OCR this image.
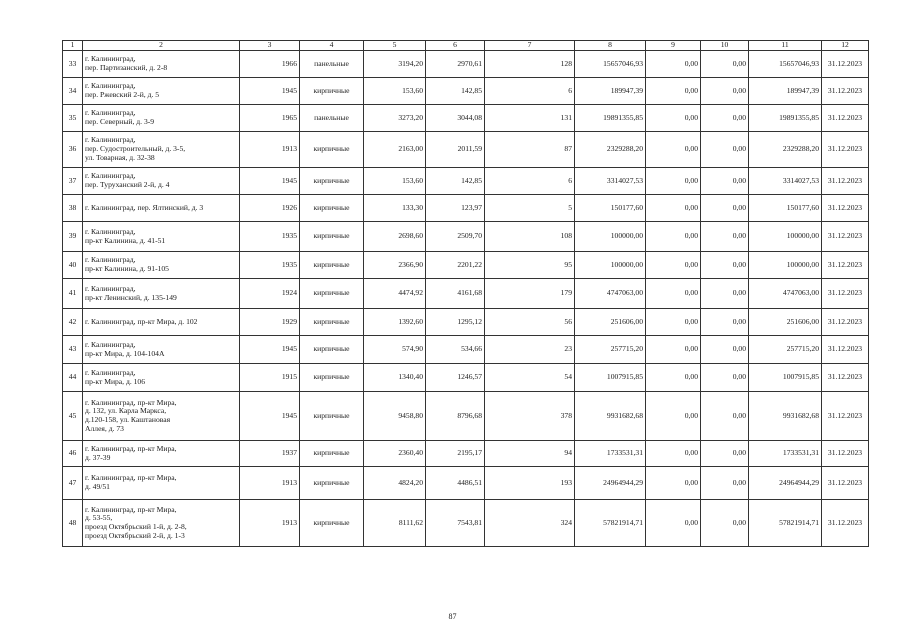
1	2	3	4	5	6	7	8	9	10	11	12
33	г. Калининград,
пер. Партизанский, д. 2-8	1966	панельные	3194,20	2970,61	128	15657046,93	0,00	0,00	15657046,93	31.12.2023
34	г. Калининград,
пер. Ржевский 2-й, д. 5	1945	кирпичные	153,60	142,85	6	189947,39	0,00	0,00	189947,39	31.12.2023
35	г. Калининград,
пер. Северный, д. 3-9	1965	панельные	3273,20	3044,08	131	19891355,85	0,00	0,00	19891355,85	31.12.2023
36	г. Калининград,
пер. Судостроительный, д. 3-5,
ул. Товарная, д. 32-38	1913	кирпичные	2163,00	2011,59	87	2329288,20	0,00	0,00	2329288,20	31.12.2023
37	г. Калининград,
пер. Туруханский 2-й, д. 4	1945	кирпичные	153,60	142,85	6	3314027,53	0,00	0,00	3314027,53	31.12.2023
38	г. Калининград, пер. Ялтинский, д. 3	1926	кирпичные	133,30	123,97	5	150177,60	0,00	0,00	150177,60	31.12.2023
39	г. Калининград,
пр-кт Калинина, д. 41-51	1935	кирпичные	2698,60	2509,70	108	100000,00	0,00	0,00	100000,00	31.12.2023
40	г. Калининград,
пр-кт Калинина, д. 91-105	1935	кирпичные	2366,90	2201,22	95	100000,00	0,00	0,00	100000,00	31.12.2023
41	г. Калининград,
пр-кт Ленинский, д. 135-149	1924	кирпичные	4474,92	4161,68	179	4747063,00	0,00	0,00	4747063,00	31.12.2023
42	г. Калининград, пр-кт Мира, д. 102	1929	кирпичные	1392,60	1295,12	56	251606,00	0,00	0,00	251606,00	31.12.2023
43	г. Калининград,
пр-кт Мира, д. 104-104А	1945	кирпичные	574,90	534,66	23	257715,20	0,00	0,00	257715,20	31.12.2023
44	г. Калининград,
пр-кт Мира, д. 106	1915	кирпичные	1340,40	1246,57	54	1007915,85	0,00	0,00	1007915,85	31.12.2023
45	г. Калининград, пр-кт Мира,
д. 132, ул. Карла Маркса,
д.120-158, ул. Каштановая
Аллея, д. 73	1945	кирпичные	9458,80	8796,68	378	9931682,68	0,00	0,00	9931682,68	31.12.2023
46	г. Калининград, пр-кт Мира,
д. 37-39	1937	кирпичные	2360,40	2195,17	94	1733531,31	0,00	0,00	1733531,31	31.12.2023
47	г. Калининград, пр-кт Мира,
д. 49/51	1913	кирпичные	4824,20	4486,51	193	24964944,29	0,00	0,00	24964944,29	31.12.2023
48	г. Калининград, пр-кт Мира,
д. 53-55,
проезд Октябрьский 1-й, д. 2-8,
проезд Октябрьский 2-й, д. 1-3	1913	кирпичные	8111,62	7543,81	324	57821914,71	0,00	0,00	57821914,71	31.12.2023
87
